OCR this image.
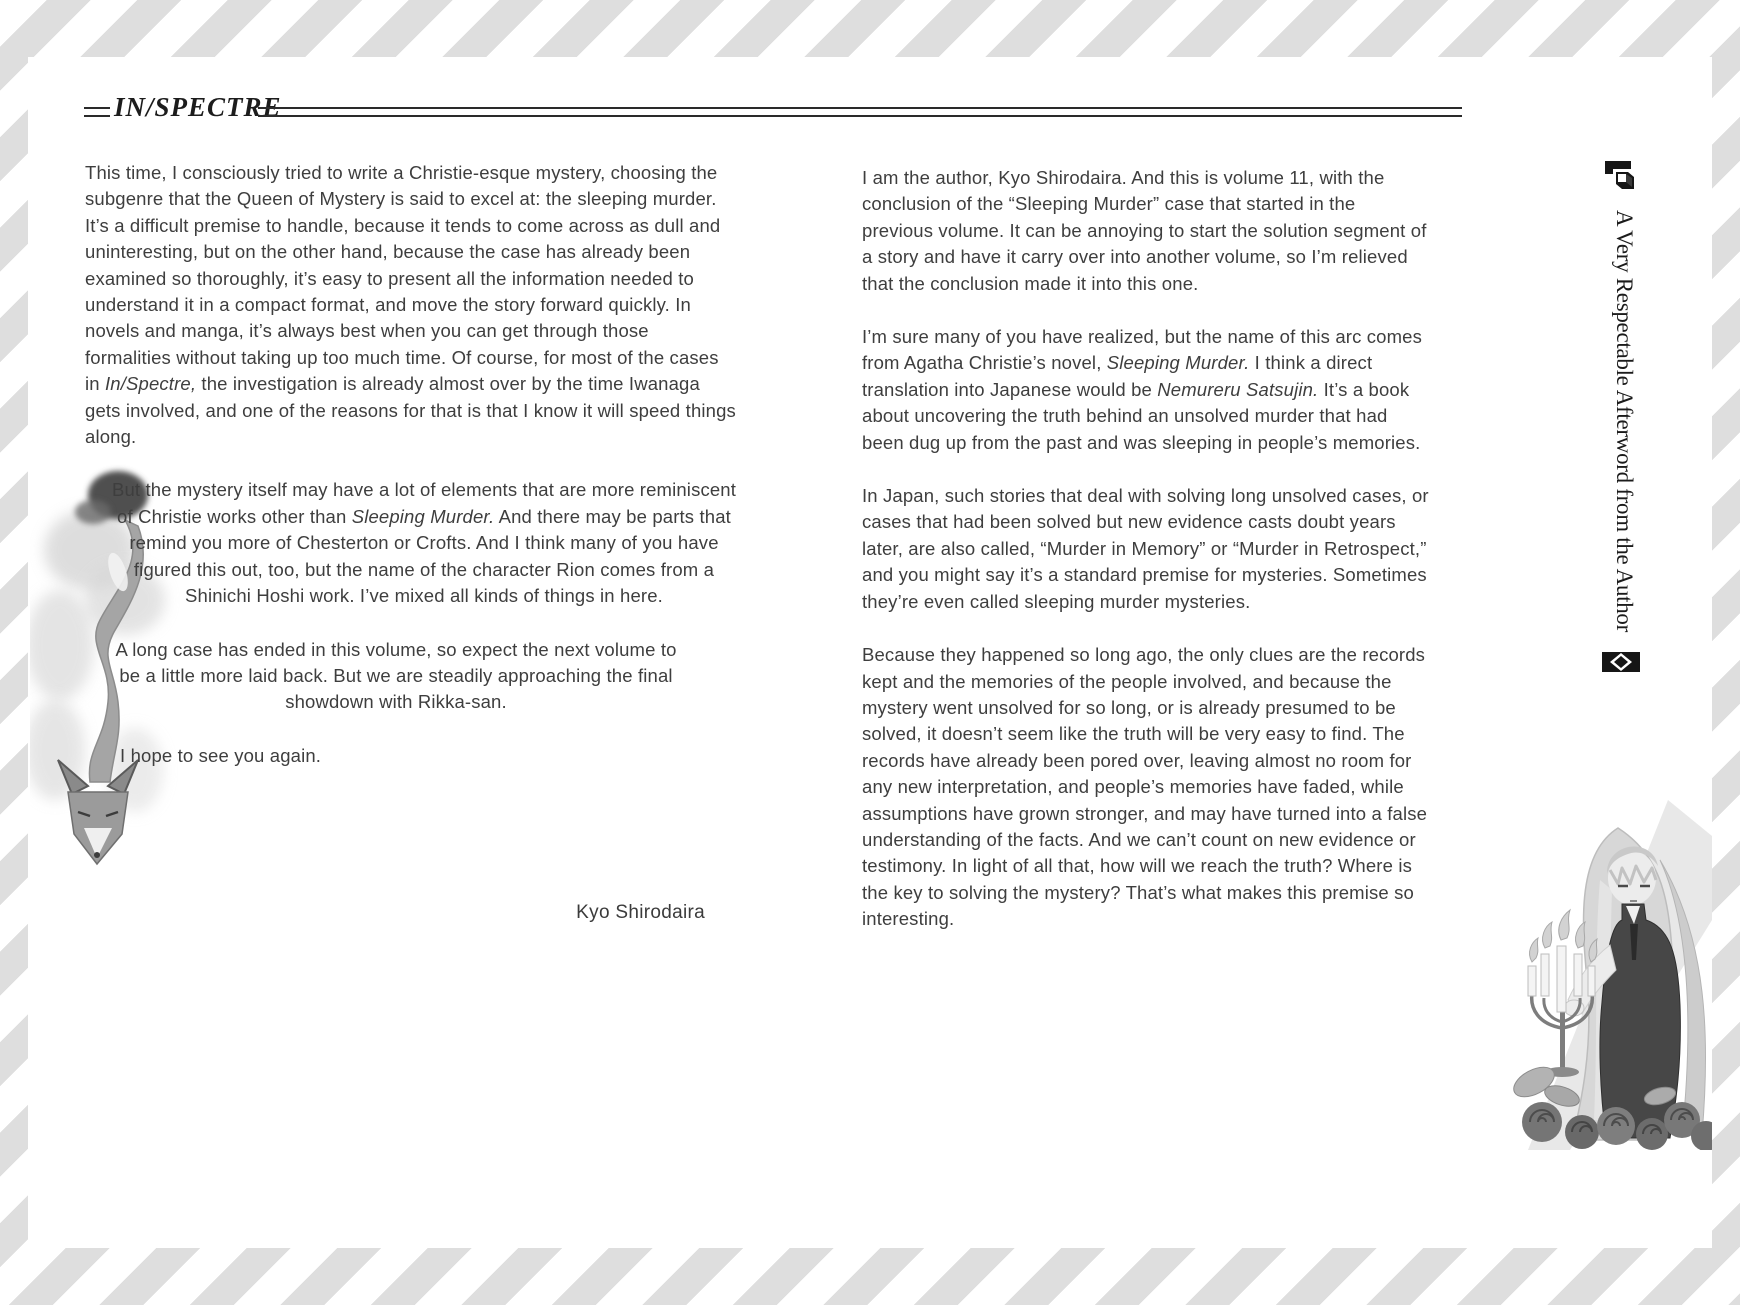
IN/SPECTRE

This time, I consciously tried to write a Christie-esque mystery, choosing the subgenre that the Queen of Mystery is said to excel at: the sleeping murder. It’s a difficult premise to handle, because it tends to come across as dull and uninteresting, but on the other hand, because the case has already been examined so thoroughly, it’s easy to present all the information needed to understand it in a compact format, and move the story forward quickly. In novels and manga, it’s always best when you can get through those formalities without taking up too much time. Of course, for most of the cases in In/Spectre, the investigation is already almost over by the time Iwanaga gets involved, and one of the reasons for that is that I know it will speed things along.

But the mystery itself may have a lot of elements that are more reminiscent of Christie works other than Sleeping Murder. And there may be parts that remind you more of Chesterton or Crofts. And I think many of you have figured this out, too, but the name of the character Rion comes from a Shinichi Hoshi work. I’ve mixed all kinds of things in here.

A long case has ended in this volume, so expect the next volume to be a little more laid back. But we are steadily approaching the final showdown with Rikka-san.

I hope to see you again.

Kyo Shirodaira

I am the author, Kyo Shirodaira. And this is volume 11, with the conclusion of the “Sleeping Murder” case that started in the previous volume. It can be annoying to start the solution segment of a story and have it carry over into another volume, so I’m relieved that the conclusion made it into this one.

I’m sure many of you have realized, but the name of this arc comes from Agatha Christie’s novel, Sleeping Murder. I think a direct translation into Japanese would be Nemureru Satsujin. It’s a book about uncovering the truth behind an unsolved murder that had been dug up from the past and was sleeping in people’s memories.

In Japan, such stories that deal with solving long unsolved cases, or cases that had been solved but new evidence casts doubt years later, are also called, “Murder in Memory” or “Murder in Retrospect,” and you might say it’s a standard premise for mysteries. Sometimes they’re even called sleeping murder mysteries.

Because they happened so long ago, the only clues are the records kept and the memories of the people involved, and because the mystery went unsolved for so long, or is already presumed to be solved, it doesn’t seem like the truth will be very easy to find. The records have already been pored over, leaving almost no room for any new interpretation, and people’s memories have faded, while assumptions have grown stronger, and may have turned into a false understanding of the facts. And we can’t count on new evidence or testimony. In light of all that, how will we reach the truth? Where is the key to solving the mystery? That’s what makes this premise so interesting.

A Very Respectable Afterword from the Author
